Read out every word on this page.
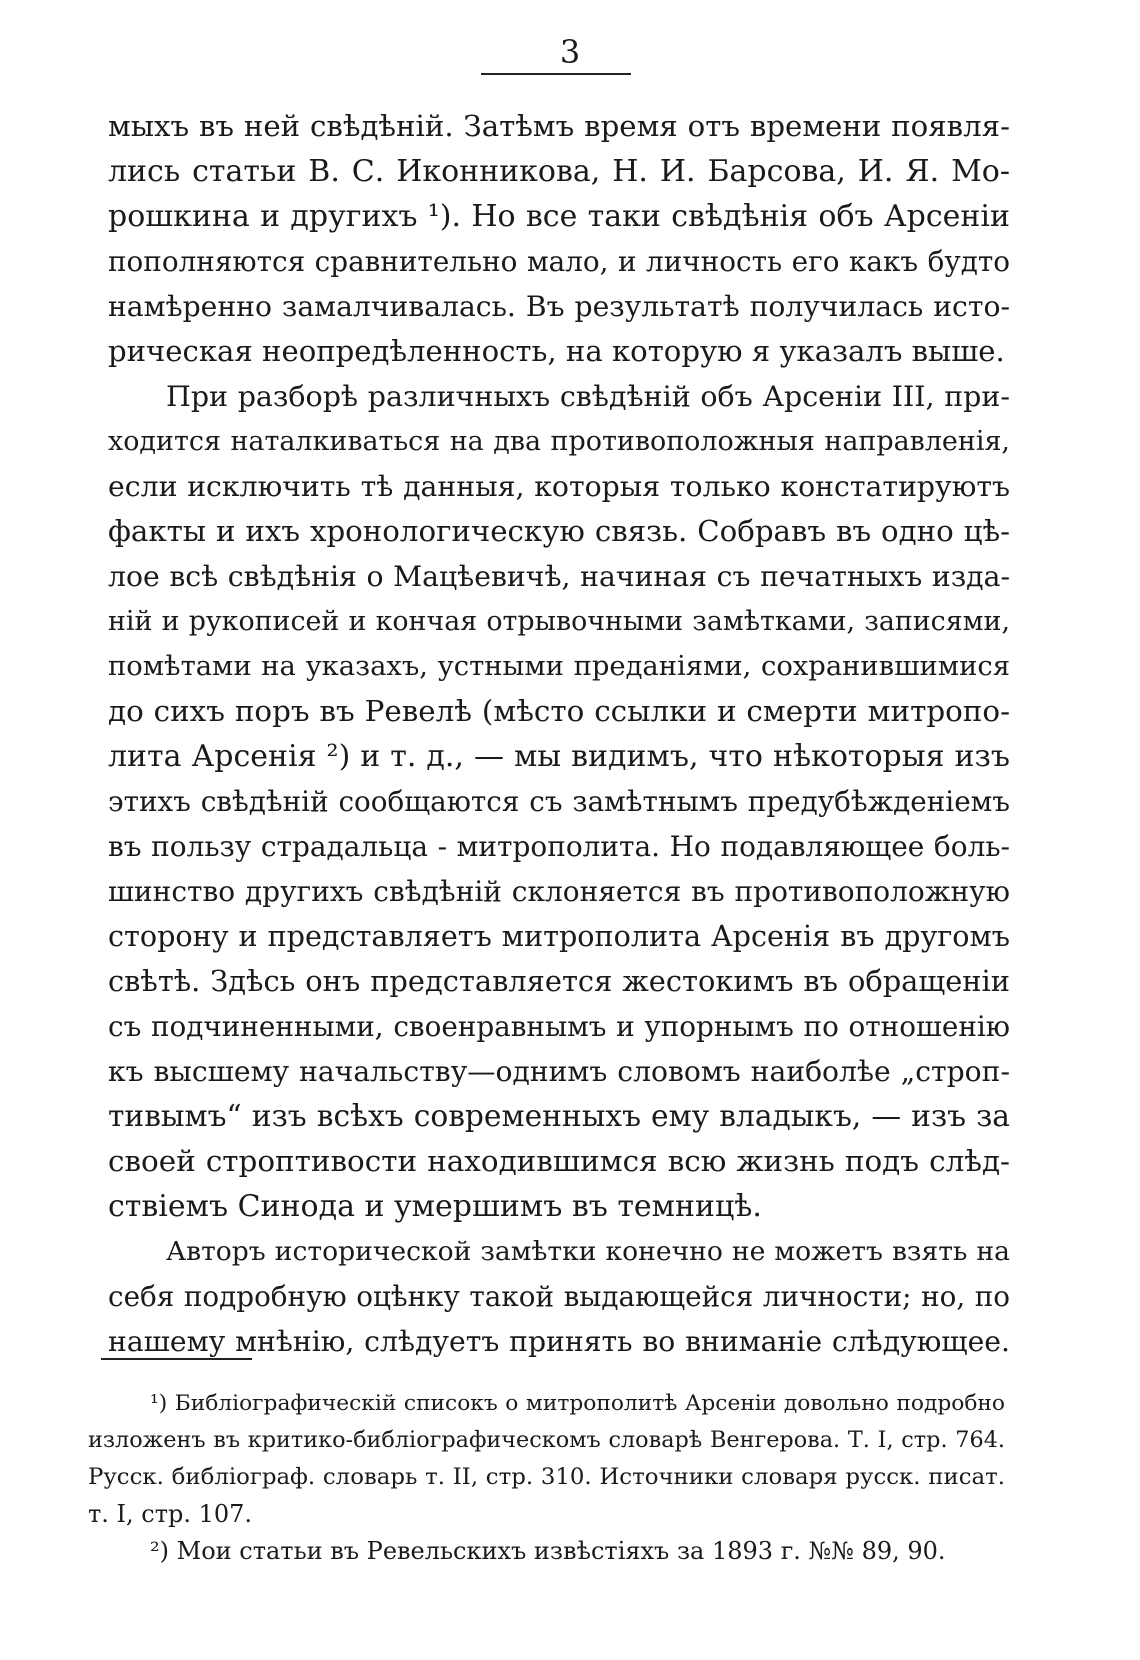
3
мыхъ въ ней свѣдѣній. Затѣмъ время отъ времени появля-
лись статьи В. С. Иконникова, Н. И. Барсова, И. Я. Мо-
рошкина и другихъ ¹). Но все таки свѣдѣнія объ Арсеніи
пополняются сравнительно мало, и личность его какъ будто
намѣренно замалчивалась. Въ результатѣ получилась исто-
рическая неопредѣленность, на которую я указалъ выше.
При разборѣ различныхъ свѣдѣній объ Арсеніи III, при-
ходится наталкиваться на два противоположныя направленія,
если исключить тѣ данныя, которыя только констатируютъ
факты и ихъ хронологическую связь. Собравъ въ одно цѣ-
лое всѣ свѣдѣнія о Мацѣевичѣ, начиная съ печатныхъ изда-
ній и рукописей и кончая отрывочными замѣтками, записями,
помѣтами на указахъ, устными преданіями, сохранившимися
до сихъ поръ въ Ревелѣ (мѣсто ссылки и смерти митропо-
лита Арсенія ²) и т. д., — мы видимъ, что нѣкоторыя изъ
этихъ свѣдѣній сообщаются съ замѣтнымъ предубѣжденіемъ
въ пользу страдальца - митрополита. Но подавляющее боль-
шинство другихъ свѣдѣній склоняется въ противоположную
сторону и представляетъ митрополита Арсенія въ другомъ
свѣтѣ. Здѣсь онъ представляется жестокимъ въ обращеніи
съ подчиненными, своенравнымъ и упорнымъ по отношенію
къ высшему начальству—однимъ словомъ наиболѣе „строп-
тивымъ“ изъ всѣхъ современныхъ ему владыкъ, — изъ за
своей строптивости находившимся всю жизнь подъ слѣд-
ствіемъ Синода и умершимъ въ темницѣ.
Авторъ исторической замѣтки конечно не можетъ взять на
себя подробную оцѣнку такой выдающейся личности; но, по
нашему мнѣнію, слѣдуетъ принять во вниманіе слѣдующее.
¹) Библіографическій списокъ о митрополитѣ Арсеніи довольно подробно
изложенъ въ критико-библіографическомъ словарѣ Венгерова. Т. I, стр. 764.
Русск. библіограф. словарь т. II, стр. 310. Источники словаря русск. писат.
т. I, стр. 107.
²) Мои статьи въ Ревельскихъ извѣстіяхъ за 1893 г. №№ 89, 90.
